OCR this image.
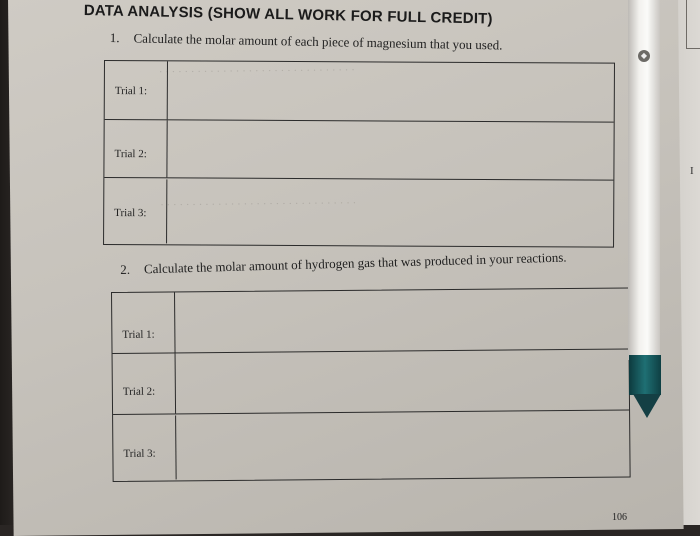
I
· · · · · · · · · · · · · · · · · · · · · · · · · · · · · · ·
· · · · · · · · · · · · · · · · · · · · · · · · · · · · · · ·
DATA ANALYSIS (SHOW ALL WORK FOR FULL CREDIT)
1. Calculate the molar amount of each piece of magnesium that you used.
Trial 1:
Trial 2:
Trial 3:
2. Calculate the molar amount of hydrogen gas that was produced in your reactions.
Trial 1:
Trial 2:
Trial 3:
106
◆
